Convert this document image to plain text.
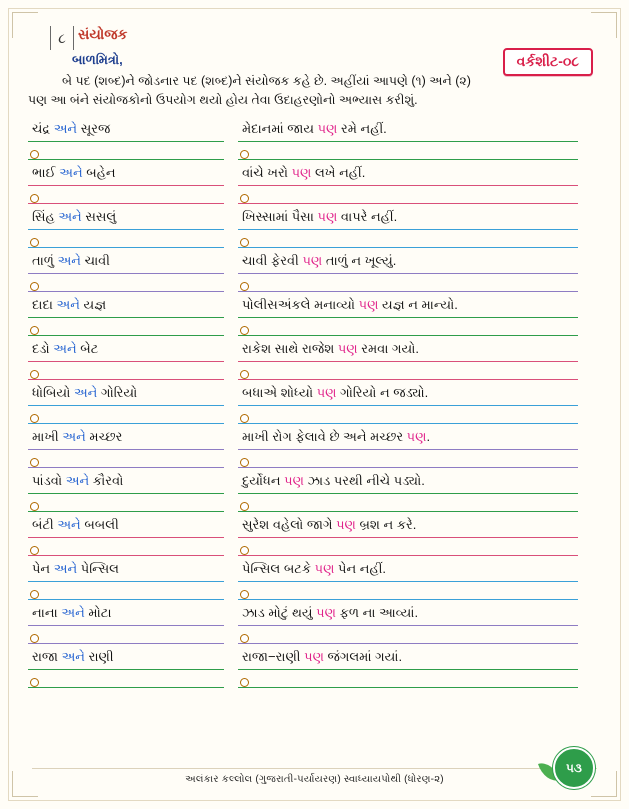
૮ સંયોજક
વર્કશીટ-૦૮
બાળમિત્રો,
બે પદ (શબ્દ)ને જોડનાર પદ (શબ્દ)ને સંયોજક કહે છે. અહીંયાં આપણે (૧) અને (૨)
પણ આ બંને સંયોજકોનો ઉપયોગ થયો હોય તેવા ઉદાહરણોનો અભ્યાસ કરીશું.
ચંદ્ર અને સૂરજ	મેદાનમાં જાય પણ રમે નહીં.
ભાઈ અને બહેન	વાંચે ખરો પણ લખે નહીં.
સિંહ અને સસલું	ખિસ્સામાં પૈસા પણ વાપરે નહીં.
તાળું અને ચાવી	ચાવી ફેરવી પણ તાળું ન ખૂલ્યું.
દાદા અને યજ્ઞ	પોલીસઅંકલે મનાવ્યો પણ યજ્ઞ ન માન્યો.
દડો અને બેટ	રાકેશ સાથે રાજેશ પણ રમવા ગયો.
ધોબિયો અને ગોરિયો	બધાએ શોધ્યો પણ ગોરિયો ન જડ્યો.
માખી અને મચ્છર	માખી રોગ ફેલાવે છે અને મચ્છર પણ.
પાંડવો અને કૌરવો	દુર્યોધન પણ ઝાડ પરથી નીચે પડ્યો.
બંટી અને બબલી	સુરેશ વહેલો જાગે પણ બ્રશ ન કરે.
પેન અને પેન્સિલ	પેન્સિલ બટકે પણ પેન નહીં.
નાના અને મોટા	ઝાડ મોટું થયું પણ ફળ ના આવ્યાં.
રાજા અને રાણી	રાજા−રાણી પણ જંગલમાં ગયાં.
અલંકાર કલ્લોલ (ગુજરાતી-પર્યાયરણ) સ્વાધ્યાયપોથી (ધોરણ-૨)
૫૩
